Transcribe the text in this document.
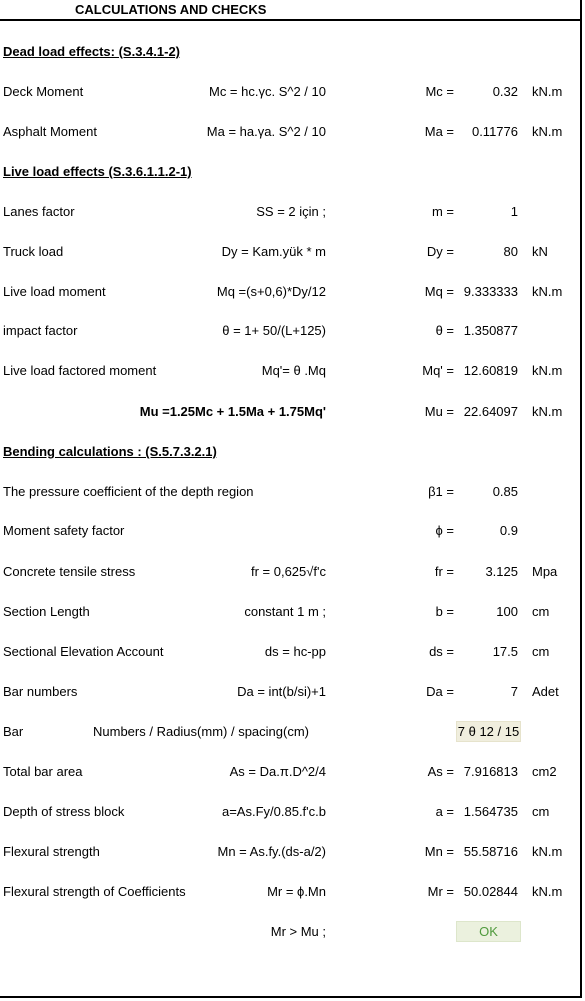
CALCULATIONS AND CHECKS
Dead load effects: (S.3.4.1-2)
Deck Moment	Mc = hc.γc. S^2 / 10	Mc =	0.32 kN.m
Asphalt Moment	Ma = ha.γa. S^2 / 10	Ma = 0.11776 kN.m
Live load effects (S.3.6.1.1.2-1)
Lanes factor	SS = 2 için ;	m =	1
Truck load	Dy = Kam.yük * m	Dy =	80 kN
Live load moment	Mq =(s+0,6)*Dy/12	Mq = 9.333333 kN.m
impact factor	θ = 1+ 50/(L+125)	θ = 1.350877
Live load factored moment	Mq'= θ .Mq	Mq' = 12.60819 kN.m
Mu =1.25Mc + 1.5Ma + 1.75Mq'	Mu = 22.64097 kN.m
Bending calculations : (S.5.7.3.2.1)
The pressure coefficient of the depth region	β1 =	0.85
Moment safety factor	ϕ =	0.9
Concrete tensile stress	fr = 0,625√f'c	fr = 3.125 Mpa
Section Length	constant 1 m ;	b =	100 cm
Sectional Elevation Account	ds = hc-pp	ds =	17.5 cm
Bar numbers	Da = int(b/si)+1	Da =	7 Adet
Bar	Numbers / Radius(mm) / spacing(cm)	7 θ 12 / 15
Total bar area	As = Da.π.D^2/4	As = 7.916813 cm2
Depth of stress block	a=As.Fy/0.85.f'c.b	a = 1.564735 cm
Flexural strength	Mn = As.fy.(ds-a/2)	Mn = 55.58716 kN.m
Flexural strength of Coefficients	Mr = ϕ.Mn	Mr = 50.02844 kN.m
Mr > Mu ;	OK
